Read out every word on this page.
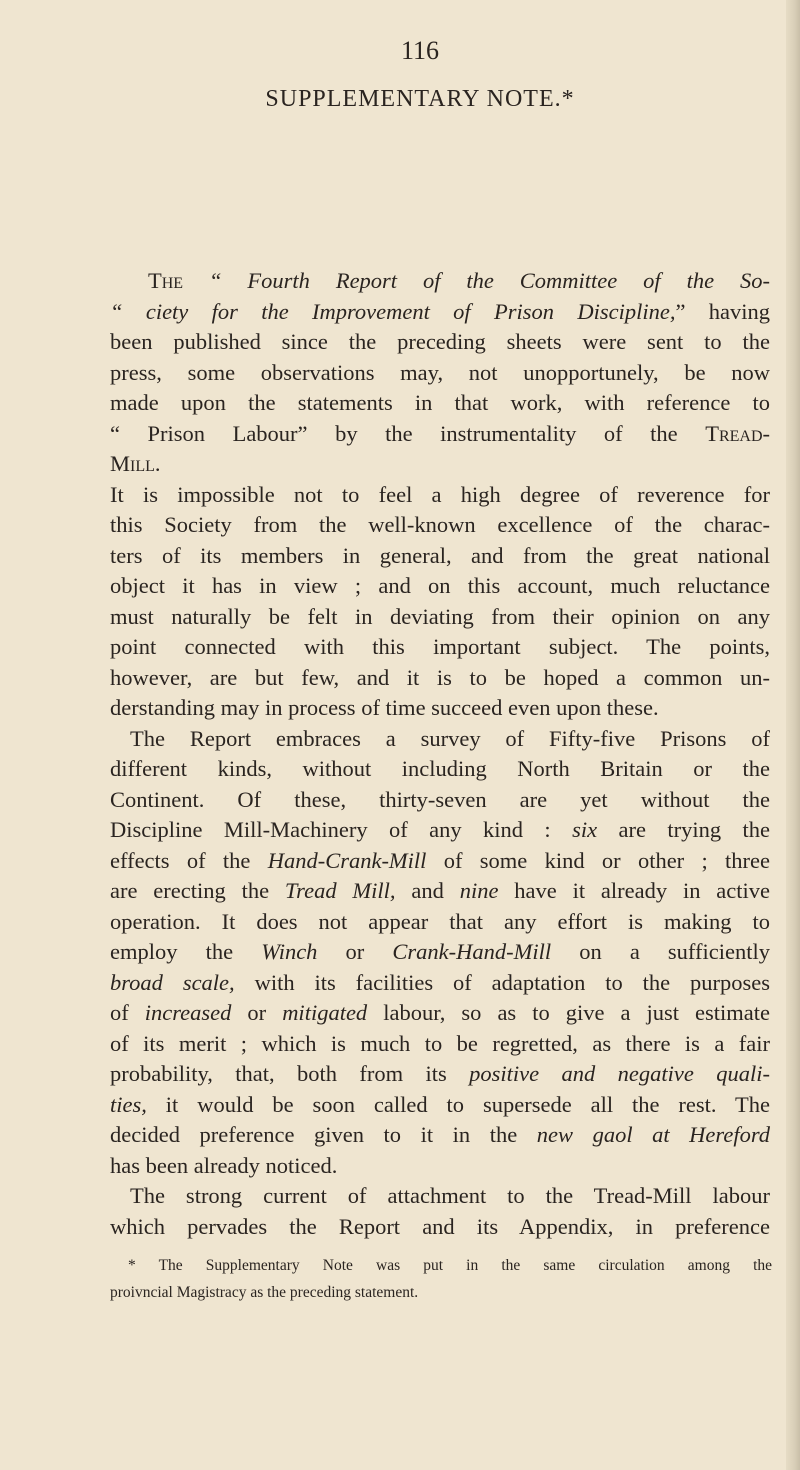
116
SUPPLEMENTARY NOTE.*
The “ Fourth Report of the Committee of the So-
“ ciety for the Improvement of Prison Discipline,” having
been published since the preceding sheets were sent to the
press, some observations may, not unopportunely, be now
made upon the statements in that work, with reference to
“ Prison Labour” by the instrumentality of the Tread-
Mill.
It is impossible not to feel a high degree of reverence for
this Society from the well-known excellence of the charac-
ters of its members in general, and from the great national
object it has in view ; and on this account, much reluctance
must naturally be felt in deviating from their opinion on any
point connected with this important subject. The points,
however, are but few, and it is to be hoped a common un-
derstanding may in process of time succeed even upon these.
The Report embraces a survey of Fifty-five Prisons of
different kinds, without including North Britain or the
Continent. Of these, thirty-seven are yet without the
Discipline Mill-Machinery of any kind : six are trying the
effects of the Hand-Crank-Mill of some kind or other ; three
are erecting the Tread Mill, and nine have it already in active
operation. It does not appear that any effort is making to
employ the Winch or Crank-Hand-Mill on a sufficiently
broad scale, with its facilities of adaptation to the purposes
of increased or mitigated labour, so as to give a just estimate
of its merit ; which is much to be regretted, as there is a fair
probability, that, both from its positive and negative quali-
ties, it would be soon called to supersede all the rest. The
decided preference given to it in the new gaol at Hereford
has been already noticed.
The strong current of attachment to the Tread-Mill labour
which pervades the Report and its Appendix, in preference
* The Supplementary Note was put in the same circulation among the
proivncial Magistracy as the preceding statement.
